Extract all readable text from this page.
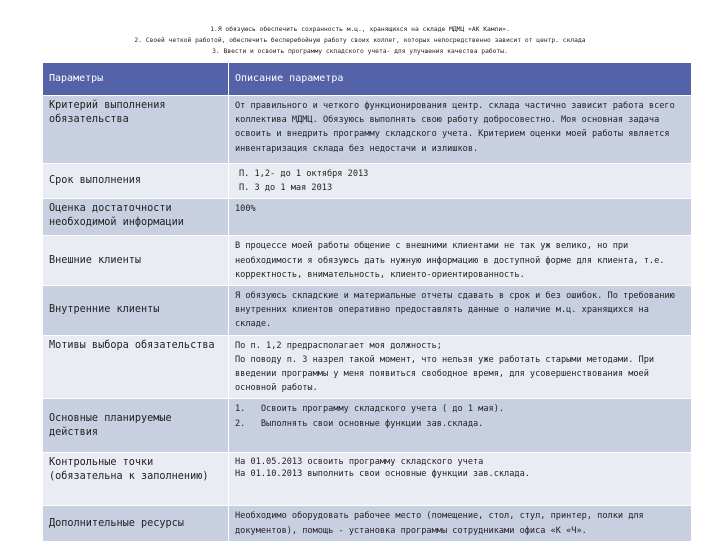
1.Я обязуюсь обеспечить сохранность м.ц., хранящихся на складе МДМЦ «АК Камли».
2. Своей четкой работой, обеспечить бесперебойную работу своих коллег, которых непосредственно зависит от центр. склада
3. Ввести и освоить программу складского учета- для улучшения качества работы.
Параметры	Описание параметра
Критерий выполнения обязательства	От правильного и четкого функционирования центр. склада частично зависит работа всего коллектива МДМЦ. Обязуюсь выполнять свою работу добросовестно. Моя основная задача освоить и внедрить программу складского учета. Критерием оценки моей работы является инвентаризация склада без недостачи и излишков.
Срок выполнения	П. 1,2- до 1 октября 2013
П. 3 до 1 мая 2013

Оценка достаточности необходимой информации	100%
Внешние клиенты	В процессе моей работы общение с внешними клиентами не так уж велико, но при необходимости я обязуюсь дать нужную информацию в доступной форме для клиента, т.е. корректность, внимательность, клиенто-ориентированность.
Внутренние клиенты	Я обязуюсь складские и материальные отчеты сдавать в срок и без ошибок. По требованию внутренних клиентов оперативно предоставлять данные о наличие м.ц. хранящихся на складе.
Мотивы выбора обязательства	По п. 1,2 предрасполагает моя должность;
По поводу п. 3 назрел такой момент, что нельзя уже работать старыми методами. При введении программы у меня появиться свободное время, для усовершенствования моей основной работы.

Основные планируемые действия	1.   Освоить программу складского учета ( до 1 мая).
2.   Выполнять свои основные функции зав.склада.

Контрольные точки (обязательна к заполнению)	На 01.05.2013 освоить программу складского учета
На 01.10.2013 выполнить свои основные функции зав.склада.

Дополнительные ресурсы	Необходимо оборудовать рабочее место (помещение, стол, стул, принтер, полки для документов), помощь - установка программы сотрудниками офиса «К «Ч».
